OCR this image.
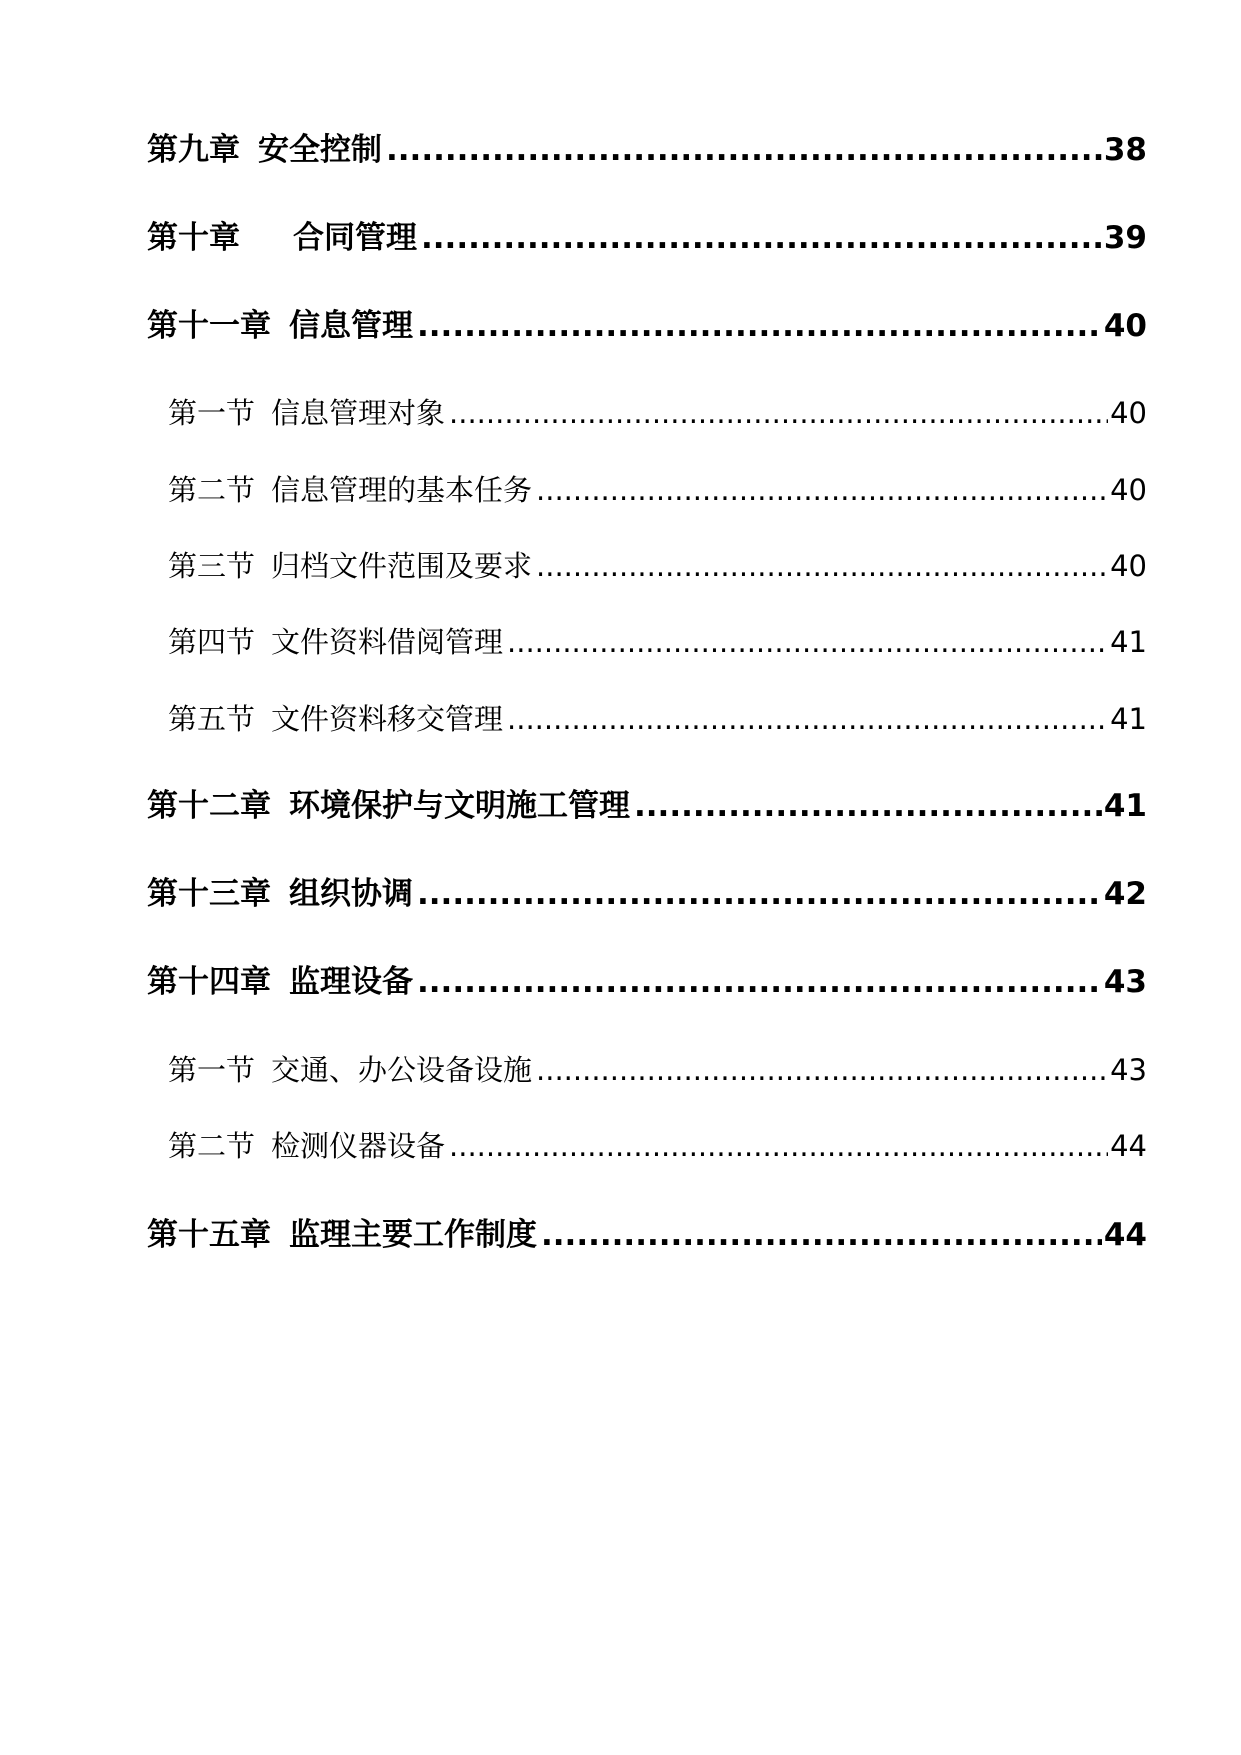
第九章 安全控制 .....	38
第十章 合同管理 .....	39
第十一章 信息管理 .....	40
第一节 信息管理对象 .....	40
第二节 信息管理的基本任务 .....	40
第三节 归档文件范围及要求 .....	40
第四节 文件资料借阅管理 .....	41
第五节 文件资料移交管理 .....	41
第十二章 环境保护与文明施工管理 .....	41
第十三章 组织协调 .....	42
第十四章 监理设备 .....	43
第一节 交通、办公设备设施 .....	43
第二节 检测仪器设备 .....	44
第十五章 监理主要工作制度 .....	44
